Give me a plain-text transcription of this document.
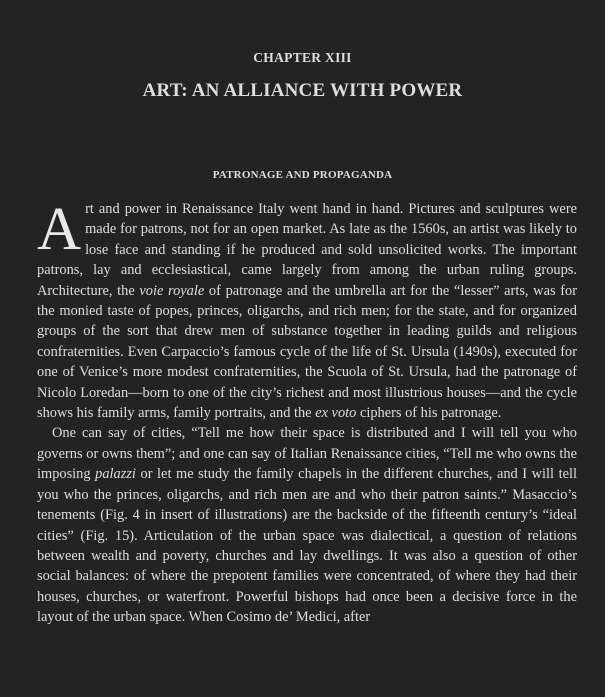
CHAPTER XIII
ART: AN ALLIANCE WITH POWER
PATRONAGE AND PROPAGANDA

Art and power in Renaissance Italy went hand in hand. Pictures and sculptures were made for patrons, not for an open market. As late as the 1560s, an artist was likely to lose face and standing if he produced and sold unsolicited works. The important patrons, lay and ecclesiastical, came largely from among the urban ruling groups. Architecture, the voie royale of patronage and the umbrella art for the “lesser” arts, was for the monied taste of popes, princes, oligarchs, and rich men; for the state, and for organized groups of the sort that drew men of substance together in leading guilds and religious confraternities. Even Carpaccio’s famous cycle of the life of St. Ursula (1490s), executed for one of Venice’s more modest confraternities, the Scuola of St. Ursula, had the patronage of Nicolo Loredan—born to one of the city’s richest and most illustrious houses—and the cycle shows his family arms, family portraits, and the ex voto ciphers of his patronage.

One can say of cities, “Tell me how their space is distributed and I will tell you who governs or owns them”; and one can say of Italian Renaissance cities, “Tell me who owns the imposing palazzi or let me study the family chapels in the different churches, and I will tell you who the princes, oligarchs, and rich men are and who their patron saints.” Masaccio’s tenements (Fig. 4 in insert of illustrations) are the backside of the fifteenth century’s “ideal cities” (Fig. 15). Articulation of the urban space was dialectical, a question of relations between wealth and poverty, churches and lay dwellings. It was also a question of other social balances: of where the prepotent families were concentrated, of where they had their houses, churches, or waterfront. Powerful bishops had once been a decisive force in the layout of the urban space. When Cosimo de’ Medici, after
